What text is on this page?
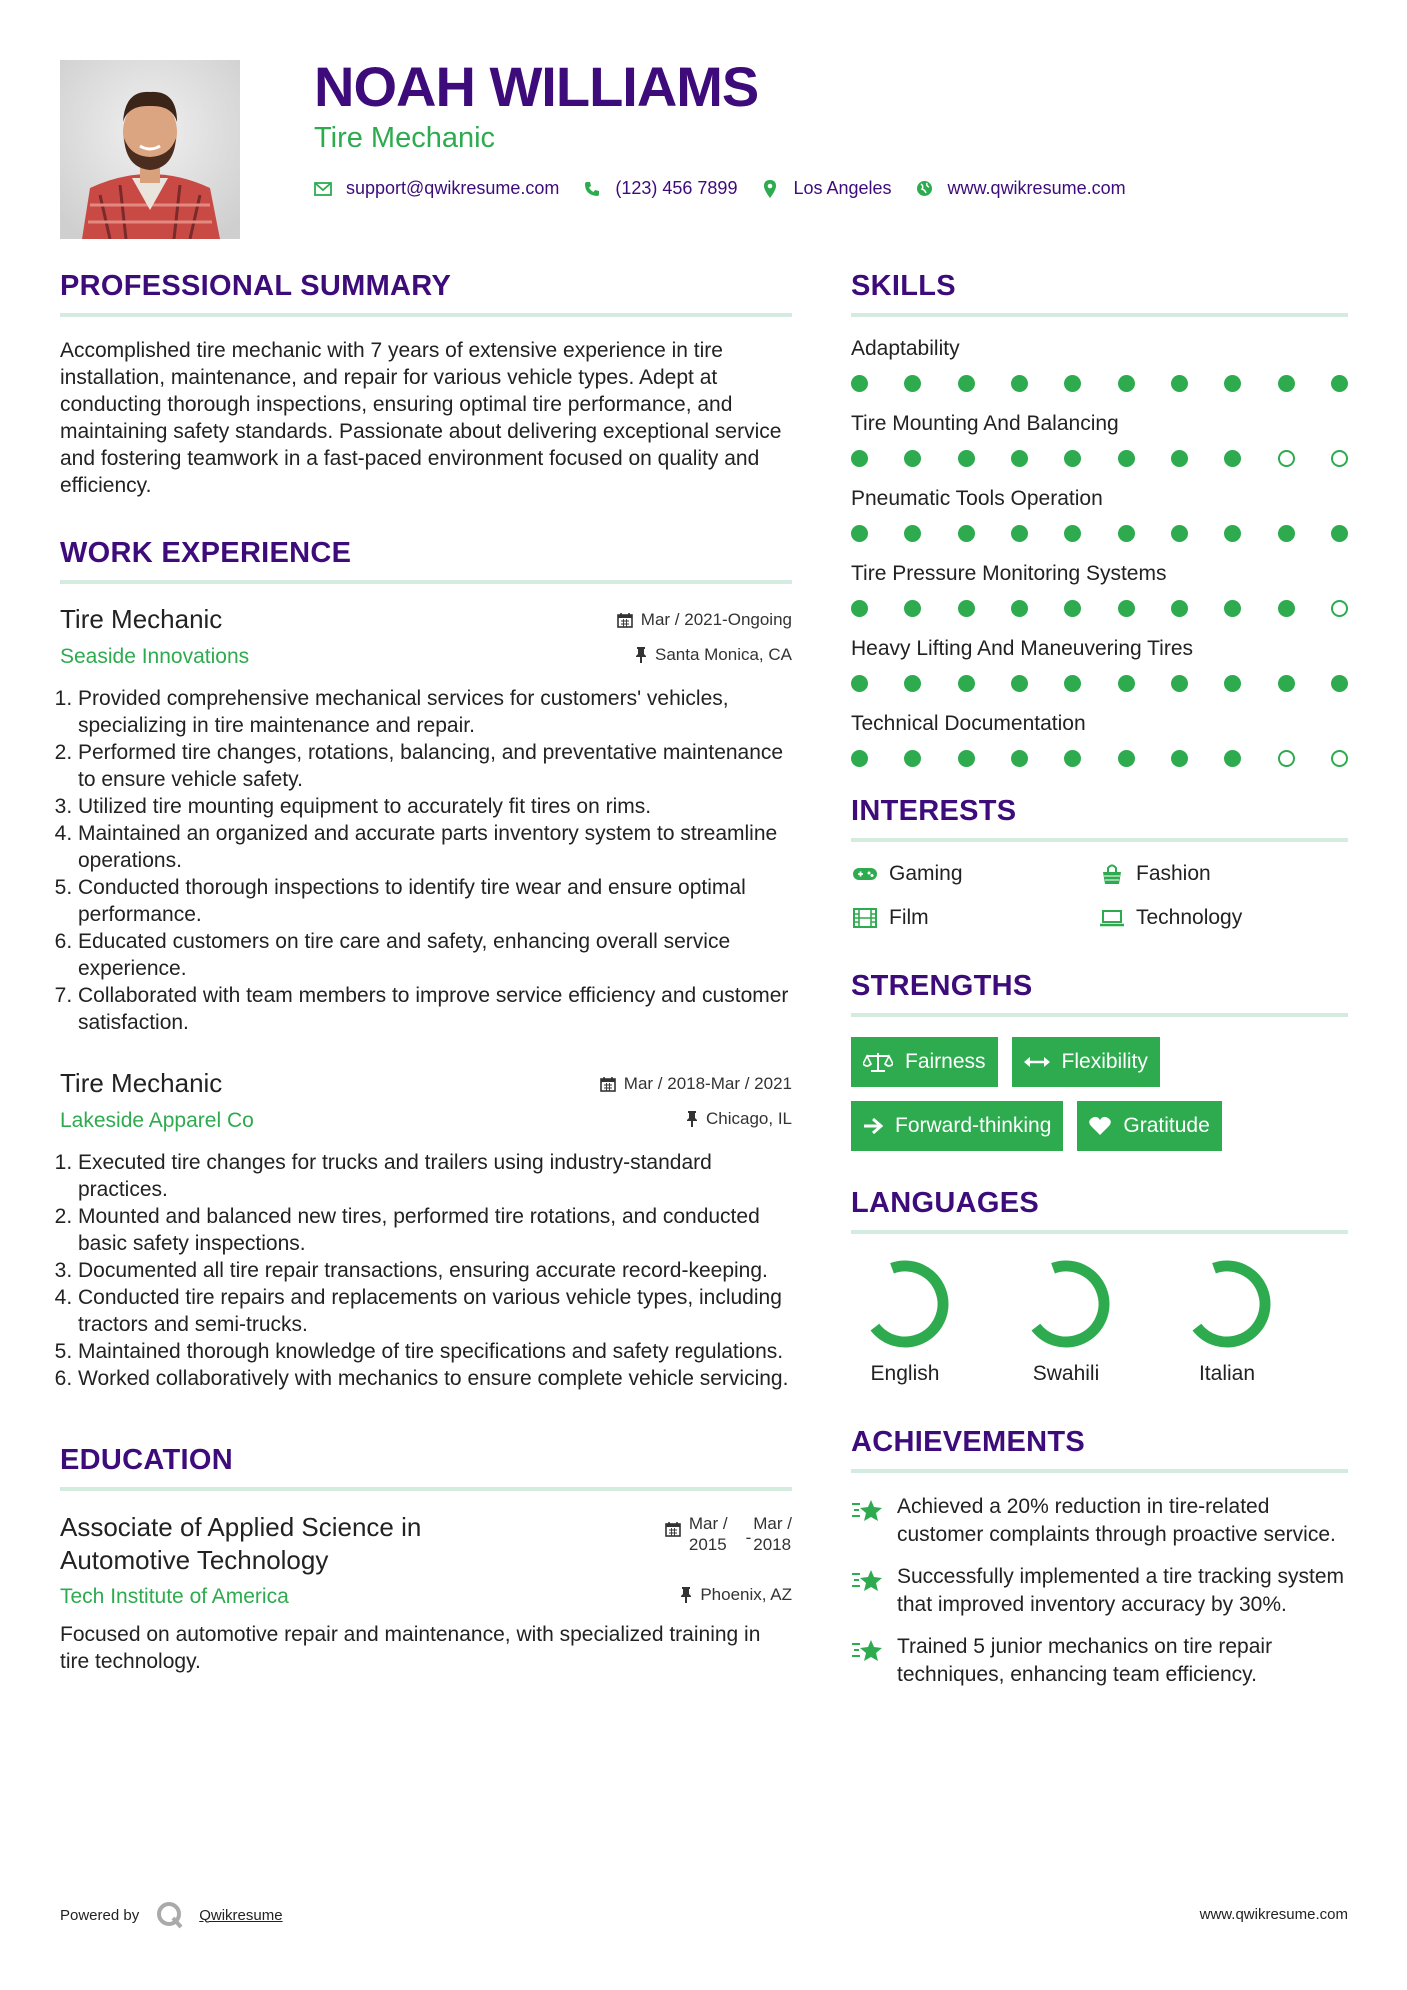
NOAH WILLIAMS
Tire Mechanic
support@qwikresume.com	(123) 456 7899	Los Angeles	www.qwikresume.com
PROFESSIONAL SUMMARY

Accomplished tire mechanic with 7 years of extensive experience in tire installation, maintenance, and repair for various vehicle types. Adept at conducting thorough inspections, ensuring optimal tire performance, and maintaining safety standards. Passionate about delivering exceptional service and fostering teamwork in a fast-paced environment focused on quality and efficiency.

WORK EXPERIENCE
Tire Mechanic	Mar / 2021-Ongoing
Seaside Innovations	Santa Monica, CA
1. Provided comprehensive mechanical services for customers' vehicles, specializing in tire maintenance and repair.
2. Performed tire changes, rotations, balancing, and preventative maintenance to ensure vehicle safety.
3. Utilized tire mounting equipment to accurately fit tires on rims.
4. Maintained an organized and accurate parts inventory system to streamline operations.
5. Conducted thorough inspections to identify tire wear and ensure optimal performance.
6. Educated customers on tire care and safety, enhancing overall service experience.
7. Collaborated with team members to improve service efficiency and customer satisfaction.
Tire Mechanic	Mar / 2018-Mar / 2021
Lakeside Apparel Co	Chicago, IL
1. Executed tire changes for trucks and trailers using industry-standard practices.
2. Mounted and balanced new tires, performed tire rotations, and conducted basic safety inspections.
3. Documented all tire repair transactions, ensuring accurate record-keeping.
4. Conducted tire repairs and replacements on various vehicle types, including tractors and semi-trucks.
5. Maintained thorough knowledge of tire specifications and safety regulations.
6. Worked collaboratively with mechanics to ensure complete vehicle servicing.
EDUCATION
Associate of Applied Science in
Automotive Technology
Mar /
2015 -
Mar /
2018
Tech Institute of America	Phoenix, AZ

Focused on automotive repair and maintenance, with specialized training in tire technology.

SKILLS
Adaptability
Tire Mounting And Balancing
Pneumatic Tools Operation
Tire Pressure Monitoring Systems
Heavy Lifting And Maneuvering Tires
Technical Documentation
INTERESTS
Gaming	Fashion
Film	Technology
STRENGTHS
Fairness	Flexibility
Forward-thinking	Gratitude
LANGUAGES
English	Swahili	Italian
ACHIEVEMENTS
Achieved a 20% reduction in tire-related customer complaints through proactive service.
Successfully implemented a tire tracking system that improved inventory accuracy by 30%.
Trained 5 junior mechanics on tire repair techniques, enhancing team efficiency.
Powered by	Qwikresume	www.qwikresume.com
